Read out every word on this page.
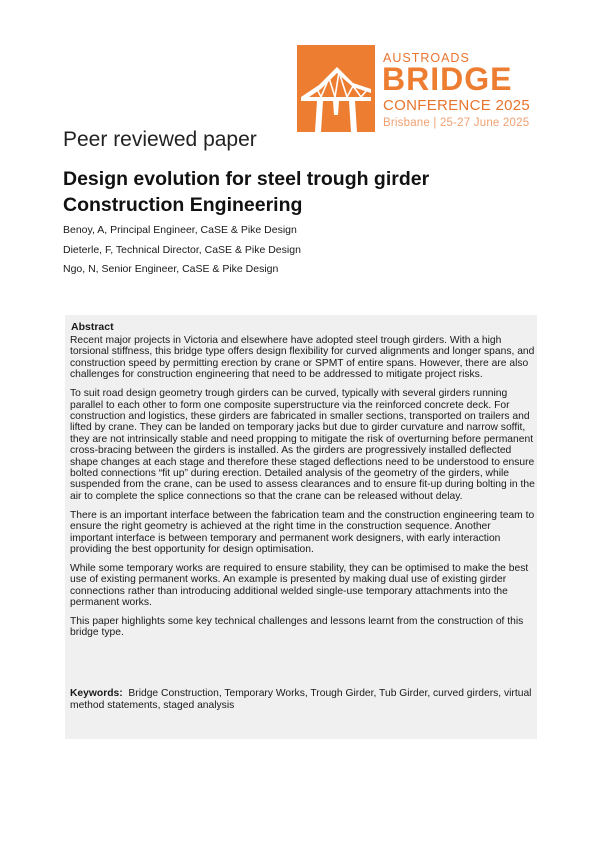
AUSTROADS
BRIDGE
CONFERENCE 2025
Brisbane | 25-27 June 2025
Peer reviewed paper
Design evolution for steel trough girder Construction Engineering
Benoy, A, Principal Engineer, CaSE & Pike Design
Dieterle, F, Technical Director, CaSE & Pike Design
Ngo, N, Senior Engineer, CaSE & Pike Design
Abstract

Recent major projects in Victoria and elsewhere have adopted steel trough girders. With a high torsional stiffness, this bridge type offers design flexibility for curved alignments and longer spans, and construction speed by permitting erection by crane or SPMT of entire spans. However, there are also challenges for construction engineering that need to be addressed to mitigate project risks.

To suit road design geometry trough girders can be curved, typically with several girders running parallel to each other to form one composite superstructure via the reinforced concrete deck. For construction and logistics, these girders are fabricated in smaller sections, transported on trailers and lifted by crane. They can be landed on temporary jacks but due to girder curvature and narrow soffit, they are not intrinsically stable and need propping to mitigate the risk of overturning before permanent cross-bracing between the girders is installed. As the girders are progressively installed deflected shape changes at each stage and therefore these staged deflections need to be understood to ensure bolted connections “fit up” during erection. Detailed analysis of the geometry of the girders, while suspended from the crane, can be used to assess clearances and to ensure fit-up during bolting in the air to complete the splice connections so that the crane can be released without delay.

There is an important interface between the fabrication team and the construction engineering team to ensure the right geometry is achieved at the right time in the construction sequence. Another important interface is between temporary and permanent work designers, with early interaction providing the best opportunity for design optimisation.

While some temporary works are required to ensure stability, they can be optimised to make the best use of existing permanent works. An example is presented by making dual use of existing girder connections rather than introducing additional welded single-use temporary attachments into the permanent works.

This paper highlights some key technical challenges and lessons learnt from the construction of this bridge type.

Keywords: Bridge Construction, Temporary Works, Trough Girder, Tub Girder, curved girders, virtual method statements, staged analysis
